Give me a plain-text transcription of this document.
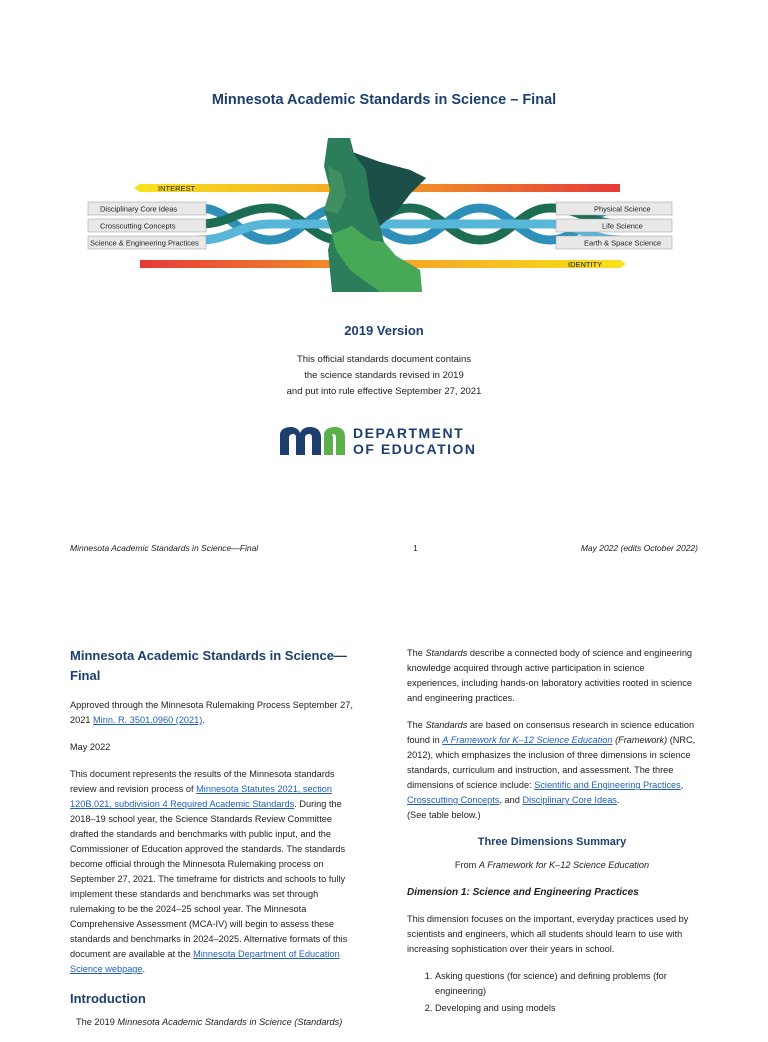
Minnesota Academic Standards in Science – Final
Disciplinary Core Ideas
Crosscutting Concepts
Science & Engineering Practices
Physical Science
Life Science
Earth & Space Science
INTEREST
IDENTITY
2019 Version
This official standards document contains
the science standards revised in 2019
and put into rule effective September 27, 2021
DEPARTMENT
OF EDUCATION
Minnesota Academic Standards in Science—Final	1	May 2022 (edits October 2022)
Minnesota Academic Standards in Science—Final

Approved through the Minnesota Rulemaking Process September 27, 2021 Minn. R. 3501.0960 (2021).

May 2022

This document represents the results of the Minnesota standards review and revision process of Minnesota Statutes 2021, section 120B.021, subdivision 4 Required Academic Standards. During the 2018–19 school year, the Science Standards Review Committee drafted the standards and benchmarks with public input, and the Commissioner of Education approved the standards. The standards become official through the Minnesota Rulemaking process on September 27, 2021. The timeframe for districts and schools to fully implement these standards and benchmarks was set through rulemaking to be the 2024–25 school year. The Minnesota Comprehensive Assessment (MCA-IV) will begin to assess these standards and benchmarks in 2024–2025. Alternative formats of this document are available at the Minnesota Department of Education Science webpage.

Introduction

The 2019 Minnesota Academic Standards in Science (Standards)

The Standards describe a connected body of science and engineering knowledge acquired through active participation in science experiences, including hands-on laboratory activities rooted in science and engineering practices.

The Standards are based on consensus research in science education found in A Framework for K–12 Science Education (Framework) (NRC, 2012), which emphasizes the inclusion of three dimensions in science standards, curriculum and instruction, and assessment. The three dimensions of science include: Scientific and Engineering Practices, Crosscutting Concepts, and Disciplinary Core Ideas.
(See table below.)

Three Dimensions Summary

From A Framework for K–12 Science Education

Dimension 1: Science and Engineering Practices

This dimension focuses on the important, everyday practices used by scientists and engineers, which all students should learn to use with increasing sophistication over their years in school.

1. Asking questions (for science) and defining problems (for engineering)
2. Developing and using models
